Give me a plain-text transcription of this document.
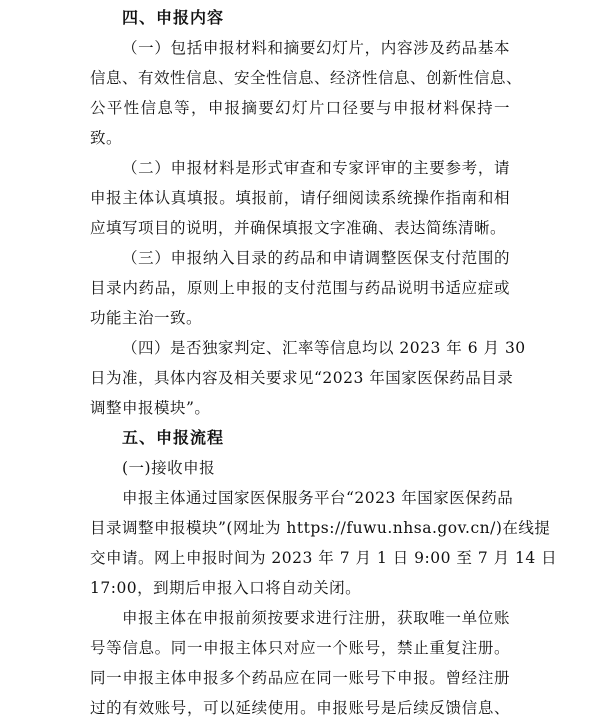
四、申报内容
（一）包括申报材料和摘要幻灯片，内容涉及药品基本
信息、有效性信息、安全性信息、经济性信息、创新性信息、
公平性信息等，申报摘要幻灯片口径要与申报材料保持一
致。
（二）申报材料是形式审查和专家评审的主要参考，请
申报主体认真填报。填报前，请仔细阅读系统操作指南和相
应填写项目的说明，并确保填报文字准确、表达简练清晰。
（三）申报纳入目录的药品和申请调整医保支付范围的
目录内药品，原则上申报的支付范围与药品说明书适应症或
功能主治一致。
（四）是否独家判定、汇率等信息均以 2023 年 6 月 30
日为准，具体内容及相关要求见“2023 年国家医保药品目录
调整申报模块”。
五、申报流程
(一)接收申报
申报主体通过国家医保服务平台“2023 年国家医保药品
目录调整申报模块”(网址为 https://fuwu.nhsa.gov.cn/)在线提
交申请。网上申报时间为 2023 年 7 月 1 日 9:00 至 7 月 14 日
17:00，到期后申报入口将自动关闭。
申报主体在申报前须按要求进行注册，获取唯一单位账
号等信息。同一申报主体只对应一个账号，禁止重复注册。
同一申报主体申报多个药品应在同一账号下申报。曾经注册
过的有效账号，可以延续使用。申报账号是后续反馈信息、
